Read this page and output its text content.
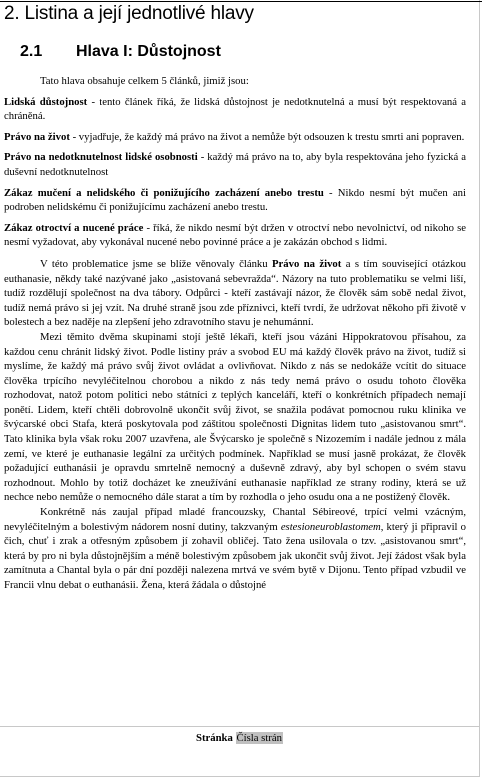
2. Listina a její jednotlivé hlavy
2.1 Hlava I: Důstojnost
Tato hlava obsahuje celkem 5 článků, jimiž jsou:
Lidská důstojnost - tento článek říká, že lidská důstojnost je nedotknutelná a musí být respektovaná a chráněná.
Právo na život - vyjadřuje, že každý má právo na život a nemůže být odsouzen k trestu smrti ani popraven.
Právo na nedotknutelnost lidské osobnosti - každý má právo na to, aby byla respektována jeho fyzická a duševní nedotknutelnost
Zákaz mučení a nelidského či ponižujícího zacházení anebo trestu - Nikdo nesmí být mučen ani podroben nelidskému či ponižujícímu zacházení anebo trestu.
Zákaz otroctví a nucené práce - říká, že nikdo nesmí být držen v otroctví nebo nevolnictví, od nikoho se nesmí vyžadovat, aby vykonával nucené nebo povinné práce a je zakázán obchod s lidmi.
V této problematice jsme se blíže věnovaly článku Právo na život a s tím související otázkou euthanasie, někdy také nazývané jako „asistovaná sebevražda“. Názory na tuto problematiku se velmi liší, tudíž rozdělují společnost na dva tábory. Odpůrci - kteří zastávají názor, že člověk sám sobě nedal život, tudíž nemá právo si jej vzít. Na druhé straně jsou zde příznivci, kteří tvrdí, že udržovat někoho při životě v bolestech a bez naděje na zlepšení jeho zdravotního stavu je nehumánní.
Mezi těmito dvěma skupinami stojí ještě lékaři, kteří jsou vázáni Hippokratovou přísahou, za každou cenu chránit lidský život. Podle listiny práv a svobod EU má každý člověk právo na život, tudíž si myslíme, že každý má právo svůj život ovládat a ovlivňovat. Nikdo z nás se nedokáže vcítit do situace člověka trpícího nevyléčitelnou chorobou a nikdo z nás tedy nemá právo o osudu tohoto člověka rozhodovat, natož potom politici nebo státníci z teplých kanceláří, kteří o konkrétních případech nemají ponětí. Lidem, kteří chtěli dobrovolně ukončit svůj život, se snažila podávat pomocnou ruku klinika ve švýcarské obci Stafa, která poskytovala pod záštitou společnosti Dignitas lidem tuto „asistovanou smrt“. Tato klinika byla však roku 2007 uzavřena, ale Švýcarsko je společně s Nizozemím i nadále jednou z mála zemí, ve které je euthanasie legální za určitých podmínek. Například se musí jasně prokázat, že člověk požadující euthanásii je opravdu smrtelně nemocný a duševně zdravý, aby byl schopen o svém stavu rozhodnout. Mohlo by totiž docházet ke zneužívání euthanasie například ze strany rodiny, která se už nechce nebo nemůže o nemocného dále starat a tím by rozhodla o jeho osudu ona a ne postižený člověk.
Konkrétně nás zaujal případ mladé francouzsky, Chantal Sébireové, trpící velmi vzácným, nevyléčitelným a bolestivým nádorem nosní dutiny, takzvaným estesioneuroblastomem, který ji připravil o čich, chuť i zrak a otřesným způsobem jí zohavil obličej. Tato žena usilovala o tzv. „asistovanou smrt“, která by pro ni byla důstojnějším a méně bolestivým způsobem jak ukončit svůj život. Její žádost však byla zamítnuta a Chantal byla o pár dní později nalezena mrtvá ve svém bytě v Dijonu. Tento případ vzbudil ve Francii vlnu debat o euthanásii. Žena, která žádala o důstojné
Stránka Čísla strán
